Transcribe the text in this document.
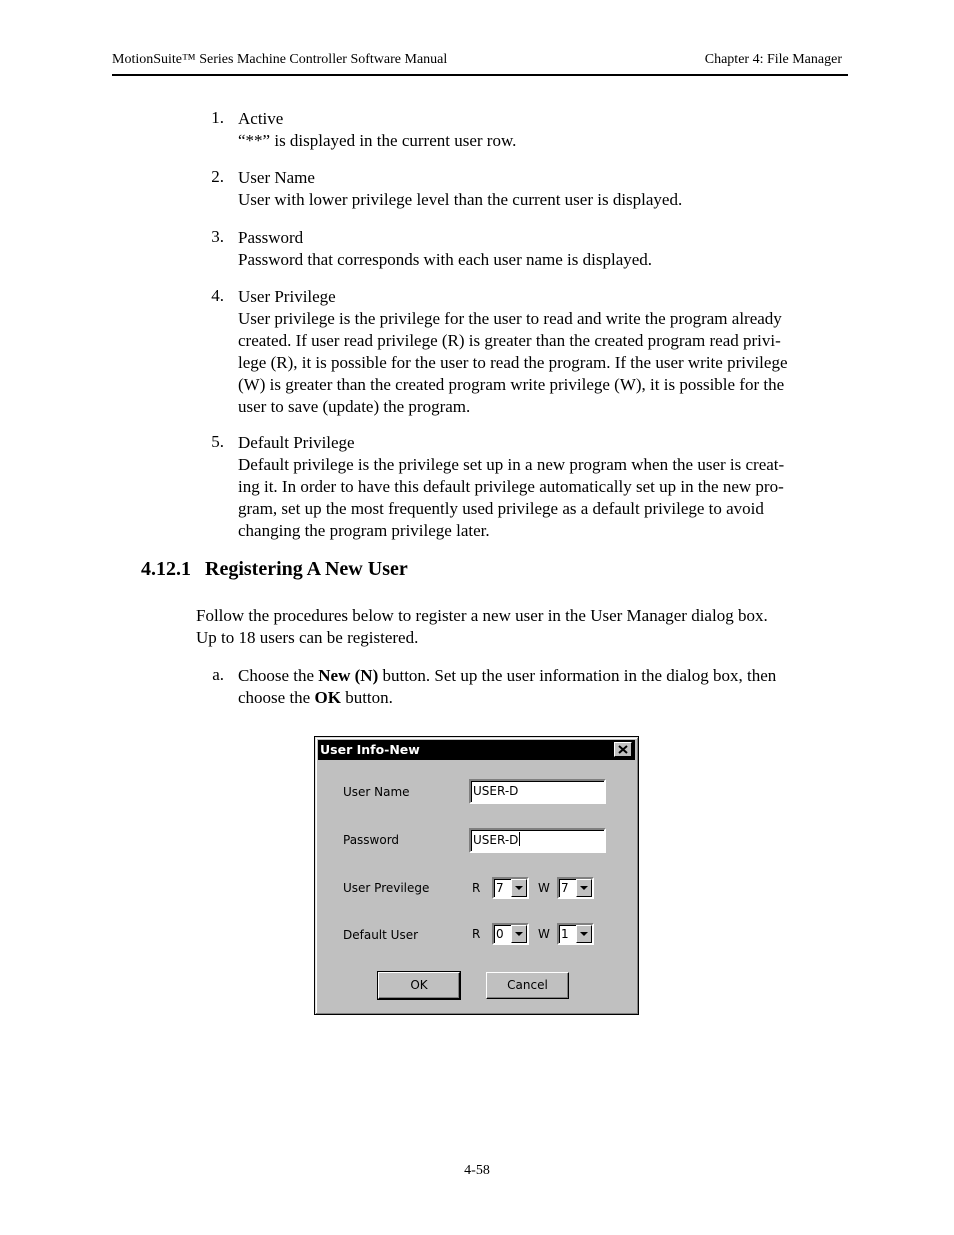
MotionSuite™ Series Machine Controller Software Manual	Chapter 4: File Manager
1. Active
“**” is displayed in the current user row.
2. User Name
User with lower privilege level than the current user is displayed.
3. Password
Password that corresponds with each user name is displayed.
4. User Privilege
User privilege is the privilege for the user to read and write the program already
created. If user read privilege (R) is greater than the created program read privi-
lege (R), it is possible for the user to read the program. If the user write privilege
(W) is greater than the created program write privilege (W), it is possible for the
user to save (update) the program.
5. Default Privilege
Default privilege is the privilege set up in a new program when the user is creat-
ing it. In order to have this default privilege automatically set up in the new pro-
gram, set up the most frequently used privilege as a default privilege to avoid
changing the program privilege later.
4.12.1 Registering A New User
Follow the procedures below to register a new user in the User Manager dialog box.
Up to 18 users can be registered.
a. Choose the New (N) button. Set up the user information in the dialog box, then
choose the OK button.
User Info-New
User Name	USER-D
Password	USER-D
User Previlege	R 7	W 7
Default User	R 0	W 1
OK	Cancel
4-58
